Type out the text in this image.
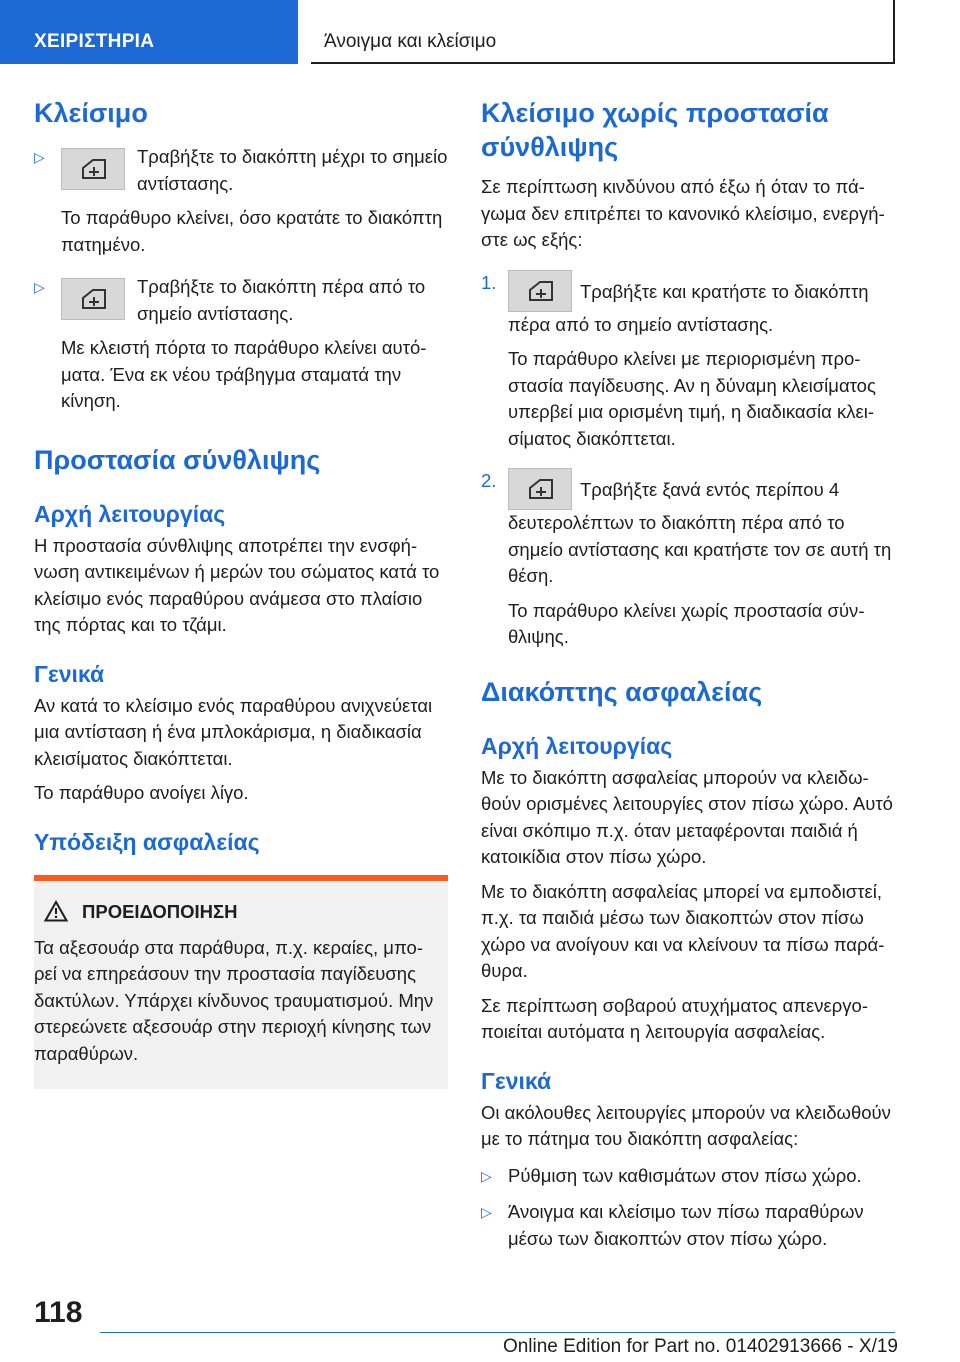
ΧΕΙΡΙΣΤΗΡΙΑ	Άνοιγμα και κλείσιμο
Κλείσιμο
▷	Τραβήξτε το διακόπτη μέχρι το σημείο αντίστασης.

Το παράθυρο κλείνει, όσο κρατάτε το διακόπτη πατημένο.

▷	Τραβήξτε το διακόπτη πέρα από το σημείο αντίστασης.

Με κλειστή πόρτα το παράθυρο κλείνει αυτόματα. Ένα εκ νέου τράβηγμα σταματά την κίνηση.

Προστασία σύνθλιψης
Αρχή λειτουργίας

Η προστασία σύνθλιψης αποτρέπει την ενσφήνωση αντικειμένων ή μερών του σώματος κατά το κλείσιμο ενός παραθύρου ανάμεσα στο πλαίσιο της πόρτας και το τζάμι.

Γενικά

Αν κατά το κλείσιμο ενός παραθύρου ανιχνεύεται μια αντίσταση ή ένα μπλοκάρισμα, η διαδικασία κλεισίματος διακόπτεται.

Το παράθυρο ανοίγει λίγο.

Υπόδειξη ασφαλείας
ΠΡΟΕΙΔΟΠΟΙΗΣΗ

Τα αξεσουάρ στα παράθυρα, π.χ. κεραίες, μπορεί να επηρεάσουν την προστασία παγίδευσης δακτύλων. Υπάρχει κίνδυνος τραυματισμού. Μην στερεώνετε αξεσουάρ στην περιοχή κίνησης των παραθύρων.

Κλείσιμο χωρίς προστασία σύνθλιψης

Σε περίπτωση κινδύνου από έξω ή όταν το πάγωμα δεν επιτρέπει το κανονικό κλείσιμο, ενεργήστε ως εξής:

1.	Τραβήξτε και κρατήστε το διακόπτη πέρα από το σημείο αντίστασης.

Το παράθυρο κλείνει με περιορισμένη προστασία παγίδευσης. Αν η δύναμη κλεισίματος υπερβεί μια ορισμένη τιμή, η διαδικασία κλεισίματος διακόπτεται.

2.	Τραβήξτε ξανά εντός περίπου 4 δευτερολέπτων το διακόπτη πέρα από το σημείο αντίστασης και κρατήστε τον σε αυτή τη θέση.

Το παράθυρο κλείνει χωρίς προστασία σύνθλιψης.

Διακόπτης ασφαλείας
Αρχή λειτουργίας

Με το διακόπτη ασφαλείας μπορούν να κλειδωθούν ορισμένες λειτουργίες στον πίσω χώρο. Αυτό είναι σκόπιμο π.χ. όταν μεταφέρονται παιδιά ή κατοικίδια στον πίσω χώρο.

Με το διακόπτη ασφαλείας μπορεί να εμποδιστεί, π.χ. τα παιδιά μέσω των διακοπτών στον πίσω χώρο να ανοίγουν και να κλείνουν τα πίσω παράθυρα.

Σε περίπτωση σοβαρού ατυχήματος απενεργοποιείται αυτόματα η λειτουργία ασφαλείας.

Γενικά

Οι ακόλουθες λειτουργίες μπορούν να κλειδωθούν με το πάτημα του διακόπτη ασφαλείας:

▷ Ρύθμιση των καθισμάτων στον πίσω χώρο.

▷ Άνοιγμα και κλείσιμο των πίσω παραθύρων μέσω των διακοπτών στον πίσω χώρο.

118
Online Edition for Part no. 01402913666 - X/19
